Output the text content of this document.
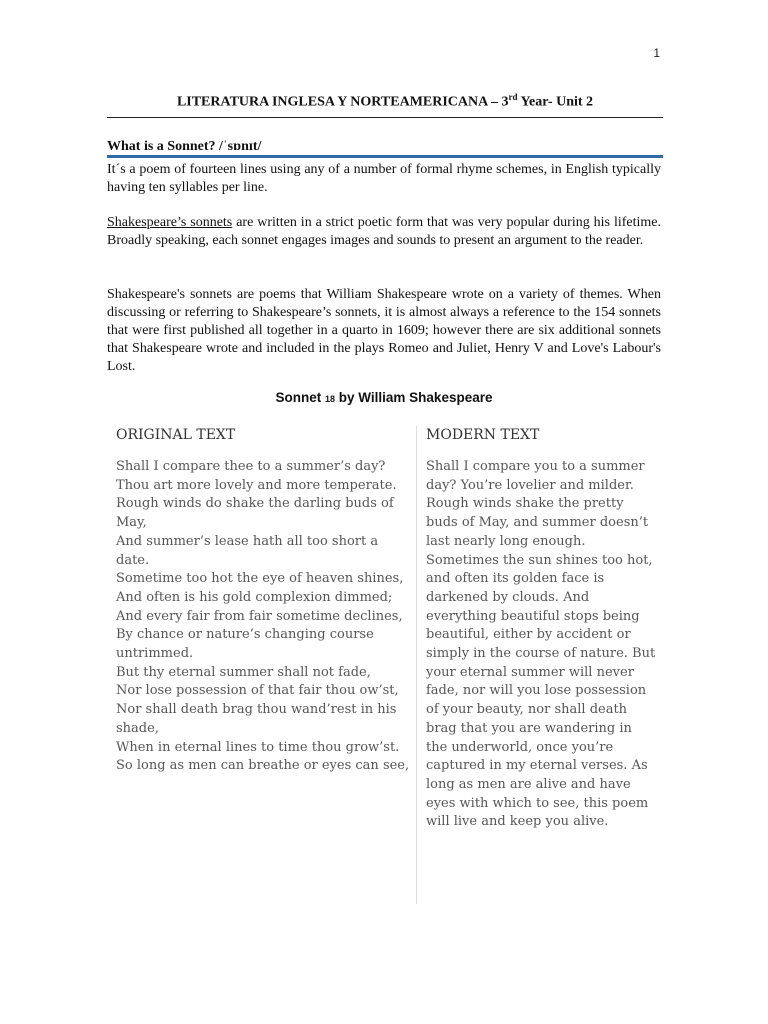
1
LITERATURA INGLESA Y NORTEAMERICANA – 3rd Year- Unit 2
What is a Sonnet? /ˈsɒnɪt/

It´s a poem of fourteen lines using any of a number of formal rhyme schemes, in English typically having ten syllables per line.

Shakespeare’s sonnets are written in a strict poetic form that was very popular during his lifetime. Broadly speaking, each sonnet engages images and sounds to present an argument to the reader.

Shakespeare's sonnets are poems that William Shakespeare wrote on a variety of themes. When discussing or referring to Shakespeare’s sonnets, it is almost always a reference to the 154 sonnets that were first published all together in a quarto in 1609; however there are six additional sonnets that Shakespeare wrote and included in the plays Romeo and Juliet, Henry V and Love's Labour's Lost.

Sonnet 18 by William Shakespeare
ORIGINAL TEXT
Shall I compare thee to a summer’s day?
Thou art more lovely and more temperate.
Rough winds do shake the darling buds of May,
And summer’s lease hath all too short a date.
Sometime too hot the eye of heaven shines,
And often is his gold complexion dimmed;
And every fair from fair sometime declines,
By chance or nature’s changing course untrimmed.
But thy eternal summer shall not fade,
Nor lose possession of that fair thou ow’st,
Nor shall death brag thou wand’rest in his shade,
When in eternal lines to time thou grow’st.
So long as men can breathe or eyes can see,
MODERN TEXT
Shall I compare you to a summer day? You’re lovelier and milder. Rough winds shake the pretty buds of May, and summer doesn’t last nearly long enough. Sometimes the sun shines too hot, and often its golden face is darkened by clouds. And everything beautiful stops being beautiful, either by accident or simply in the course of nature. But your eternal summer will never fade, nor will you lose possession of your beauty, nor shall death brag that you are wandering in the underworld, once you’re captured in my eternal verses. As long as men are alive and have eyes with which to see, this poem will live and keep you alive.
